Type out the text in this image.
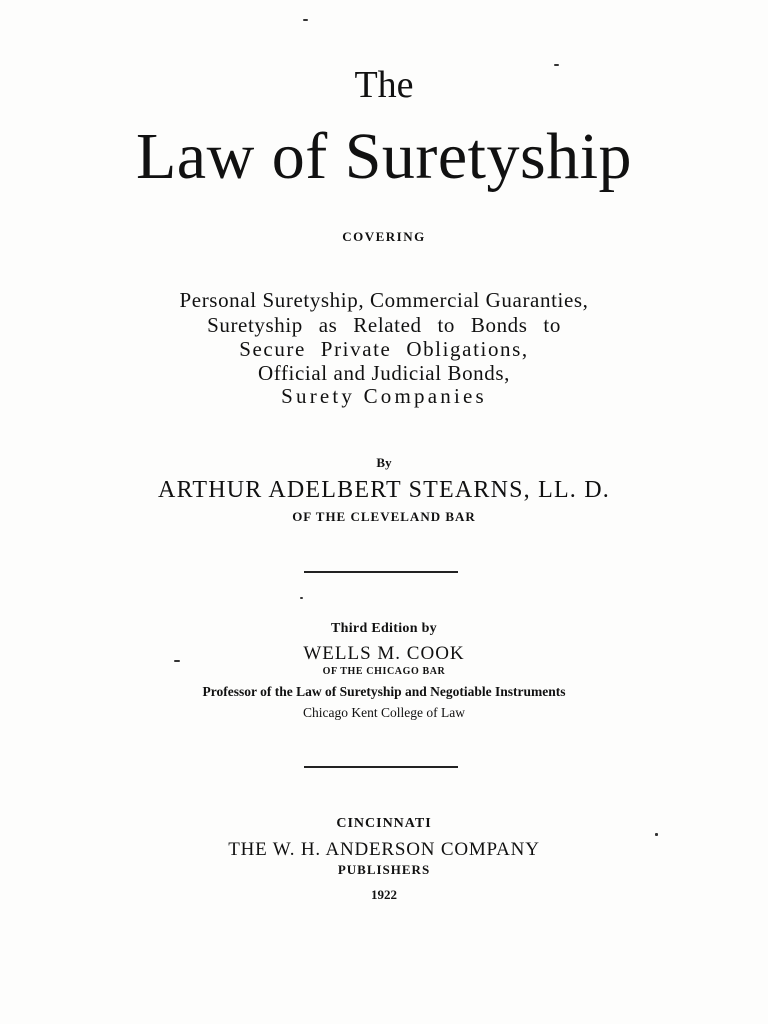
The
Law of Suretyship
COVERING
Personal Suretyship, Commercial Guaranties,
Suretyship as Related to Bonds to
Secure Private Obligations,
Official and Judicial Bonds,
Surety Companies
By
ARTHUR ADELBERT STEARNS, LL. D.
OF THE CLEVELAND BAR
Third Edition by
WELLS M. COOK
OF THE CHICAGO BAR
Professor of the Law of Suretyship and Negotiable Instruments
Chicago Kent College of Law
CINCINNATI
THE W. H. ANDERSON COMPANY
PUBLISHERS
1922
